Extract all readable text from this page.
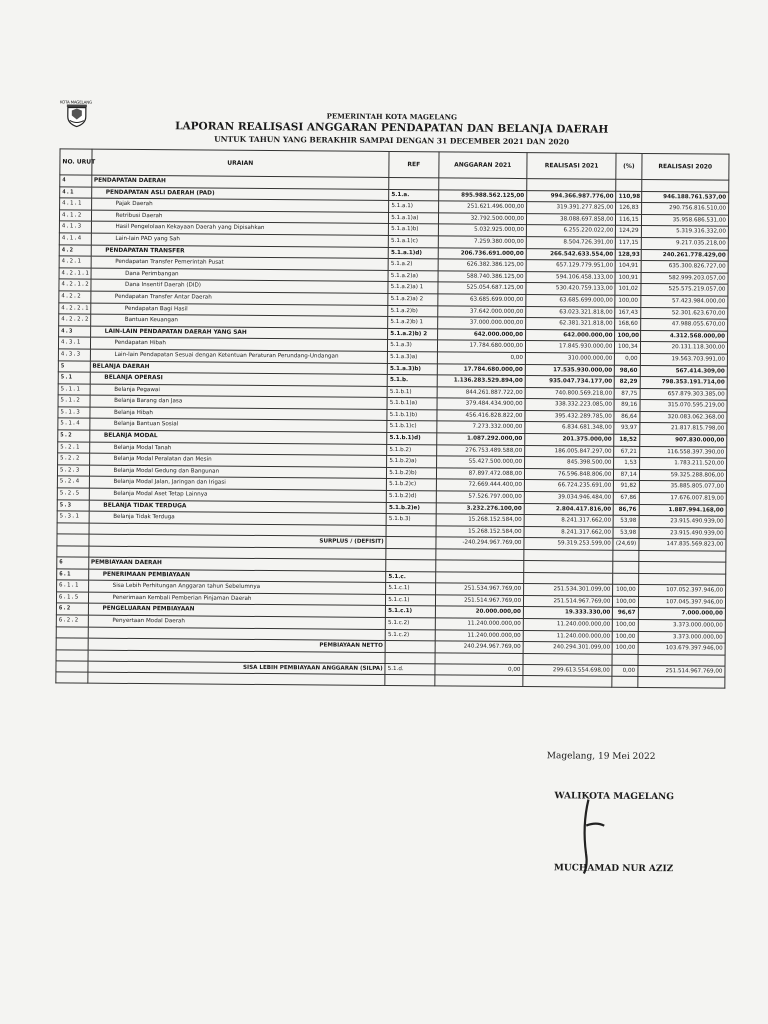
KOTA MAGELANG
PEMERINTAH KOTA MAGELANG
LAPORAN REALISASI ANGGARAN PENDAPATAN DAN BELANJA DAERAH
UNTUK TAHUN YANG BERAKHIR SAMPAI DENGAN 31 DECEMBER 2021 DAN 2020
NO. URUT	URAIAN	REF	ANGGARAN 2021	REALISASI 2021	(%)	REALISASI 2020
4	PENDAPATAN DAERAH					
4.1	PENDAPATAN ASLI DAERAH (PAD)	5.1.a.	895.988.562.125,00	994.366.987.776,00	110,98	946.188.761.537,00
4.1.1	Pajak Daerah	5.1.a.1)	251.621.496.000,00	319.391.277.825,00	126,83	290.756.816.510,00
4.1.2	Retribusi Daerah	5.1.a.1)a)	32.792.500.000,00	38.088.697.858,00	116,15	35.958.686.531,00
4.1.3	Hasil Pengelolaan Kekayaan Daerah yang Dipisahkan	5.1.a.1)b)	5.032.925.000,00	6.255.220.022,00	124,29	5.319.316.332,00
4.1.4	Lain-lain PAD yang Sah	5.1.a.1)c)	7.259.380.000,00	8.504.726.391,00	117,15	9.217.035.218,00
4.2	PENDAPATAN TRANSFER	5.1.a.1)d)	206.736.691.000,00	266.542.633.554,00	128,93	240.261.778.429,00
4.2.1	Pendapatan Transfer Pemerintah Pusat	5.1.a.2)	626.382.386.125,00	657.129.779.951,00	104,91	635.300.826.727,00
4.2.1.1	Dana Perimbangan	5.1.a.2)a)	588.740.386.125,00	594.106.458.133,00	100,91	582.999.203.057,00
4.2.1.2	Dana Insentif Daerah (DID)	5.1.a.2)a) 1	525.054.687.125,00	530.420.759.133,00	101,02	525.575.219.057,00
4.2.2	Pendapatan Transfer Antar Daerah	5.1.a.2)a) 2	63.685.699.000,00	63.685.699.000,00	100,00	57.423.984.000,00
4.2.2.1	Pendapatan Bagi Hasil	5.1.a.2)b)	37.642.000.000,00	63.023.321.818,00	167,43	52.301.623.670,00
4.2.2.2	Bantuan Keuangan	5.1.a.2)b) 1	37.000.000.000,00	62.381.321.818,00	168,60	47.988.055.670,00
4.3	LAIN-LAIN PENDAPATAN DAERAH YANG SAH	5.1.a.2)b) 2	642.000.000,00	642.000.000,00	100,00	4.312.568.000,00
4.3.1	Pendapatan Hibah	5.1.a.3)	17.784.680.000,00	17.845.930.000,00	100,34	20.131.118.300,00
4.3.3	Lain-lain Pendapatan Sesuai dengan Ketentuan Peraturan Perundang-Undangan	5.1.a.3)a)	0,00	310.000.000,00	0,00	19.563.703.991,00
5	BELANJA DAERAH	5.1.a.3)b)	17.784.680.000,00	17.535.930.000,00	98,60	567.414.309,00
5.1	BELANJA OPERASI	5.1.b.	1.136.283.529.894,00	935.047.734.177,00	82,29	798.353.191.714,00
5.1.1	Belanja Pegawai	5.1.b.1)	844.261.887.722,00	740.800.569.218,00	87,75	657.879.303.385,00
5.1.2	Belanja Barang dan Jasa	5.1.b.1)a)	379.484.434.900,00	338.332.223.085,00	89,16	315.070.595.219,00
5.1.3	Belanja Hibah	5.1.b.1)b)	456.416.828.822,00	395.432.289.785,00	86,64	320.083.062.368,00
5.1.4	Belanja Bantuan Sosial	5.1.b.1)c)	7.273.332.000,00	6.834.681.348,00	93,97	21.817.815.798,00
5.2	BELANJA MODAL	5.1.b.1)d)	1.087.292.000,00	201.375.000,00	18,52	907.830.000,00
5.2.1	Belanja Modal Tanah	5.1.b.2)	276.753.489.588,00	186.005.847.297,00	67,21	116.558.397.390,00
5.2.2	Belanja Modal Peralatan dan Mesin	5.1.b.2)a)	55.427.500.000,00	845.398.500,00	1,53	1.783.211.520,00
5.2.3	Belanja Modal Gedung dan Bangunan	5.1.b.2)b)	87.897.472.088,00	76.596.848.806,00	87,14	59.325.288.806,00
5.2.4	Belanja Modal Jalan, Jaringan dan Irigasi	5.1.b.2)c)	72.669.444.400,00	66.724.235.691,00	91,82	35.885.805.077,00
5.2.5	Belanja Modal Aset Tetap Lainnya	5.1.b.2)d)	57.526.797.000,00	39.034.946.484,00	67,86	17.676.007.819,00
5.3	BELANJA TIDAK TERDUGA	5.1.b.2)e)	3.232.276.100,00	2.804.417.816,00	86,76	1.887.994.168,00
5.3.1	Belanja Tidak Terduga	5.1.b.3)	15.268.152.584,00	8.241.317.662,00	53,98	23.915.490.939,00
			15.268.152.584,00	8.241.317.662,00	53,98	23.915.490.939,00
	SURPLUS / (DEFISIT)		-240.294.967.769,00	59.319.253.599,00	(24,69)	147.835.569.823,00

6	PEMBIAYAAN DAERAH					
6.1	PENERIMAAN PEMBIAYAAN	5.1.c.				
6.1.1	Sisa Lebih Perhitungan Anggaran tahun Sebelumnya	5.1.c.1)	251.534.967.769,00	251.534.301.099,00	100,00	107.052.397.946,00
6.1.5	Penerimaan Kembali Pemberian Pinjaman Daerah	5.1.c.1)	251.514.967.769,00	251.514.967.769,00	100,00	107.045.397.946,00
6.2	PENGELUARAN PEMBIAYAAN	5.1.c.1)	20.000.000,00	19.333.330,00	96,67	7.000.000,00
6.2.2	Penyertaan Modal Daerah	5.1.c.2)	11.240.000.000,00	11.240.000.000,00	100,00	3.373.000.000,00
		5.1.c.2)	11.240.000.000,00	11.240.000.000,00	100,00	3.373.000.000,00
	PEMBIAYAAN NETTO		240.294.967.769,00	240.294.301.099,00	100,00	103.679.397.946,00

	SISA LEBIH PEMBIAYAAN ANGGARAN (SILPA)	5.1.d.	0,00	299.613.554.698,00	0,00	251.514.967.769,00

Magelang, 19 Mei 2022
WALIKOTA MAGELANG
MUCHAMAD NUR AZIZ
